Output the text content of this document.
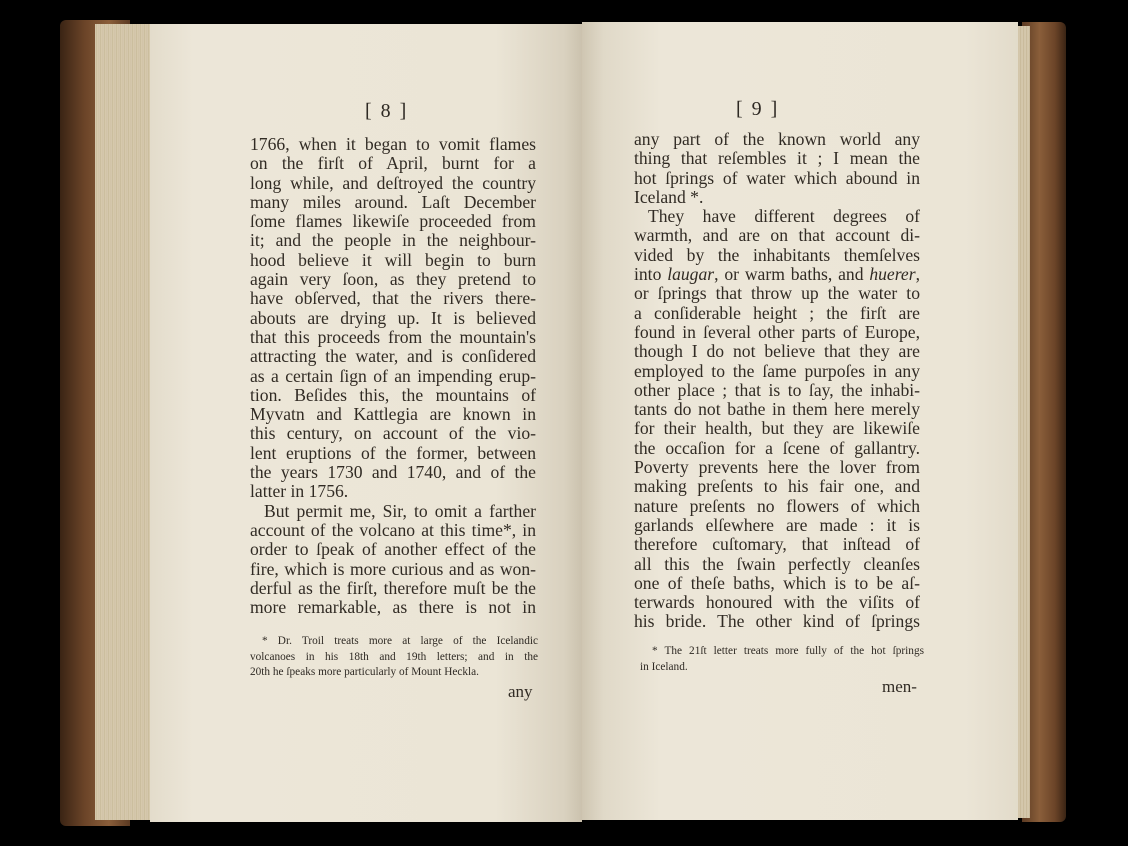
[ 8 ]
1766, when it began to vomit flames
on the firſt of April, burnt for a
long while, and deſtroyed the country
many miles around. Laſt December
ſome flames likewiſe proceeded from
it; and the people in the neighbour-
hood believe it will begin to burn
again very ſoon, as they pretend to
have obſerved, that the rivers there-
abouts are drying up. It is believed
that this proceeds from the mountain's
attracting the water, and is conſidered
as a certain ſign of an impending erup-
tion. Beſides this, the mountains of
Myvatn and Kattlegia are known in
this century, on account of the vio-
lent eruptions of the former, between
the years 1730 and 1740, and of the
latter in 1756.
But permit me, Sir, to omit a farther
account of the volcano at this time*, in
order to ſpeak of another effect of the
fire, which is more curious and as won-
derful as the firſt, therefore muſt be the
more remarkable, as there is not in
* Dr. Troil treats more at large of the Icelandic
volcanoes in his 18th and 19th letters; and in the
20th he ſpeaks more particularly of Mount Heckla.
any
[ 9 ]
any part of the known world any
thing that reſembles it ; I mean the
hot ſprings of water which abound in
Iceland *.
They have different degrees of
warmth, and are on that account di-
vided by the inhabitants themſelves
into laugar, or warm baths, and huerer,
or ſprings that throw up the water to
a conſiderable height ; the firſt are
found in ſeveral other parts of Europe,
though I do not believe that they are
employed to the ſame purpoſes in any
other place ; that is to ſay, the inhabi-
tants do not bathe in them here merely
for their health, but they are likewiſe
the occaſion for a ſcene of gallantry.
Poverty prevents here the lover from
making preſents to his fair one, and
nature preſents no flowers of which
garlands elſewhere are made : it is
therefore cuſtomary, that inſtead of
all this the ſwain perfectly cleanſes
one of theſe baths, which is to be aſ-
terwards honoured with the viſits of
his bride. The other kind of ſprings
* The 21ſt letter treats more fully of the hot ſprings
in Iceland.
men-
